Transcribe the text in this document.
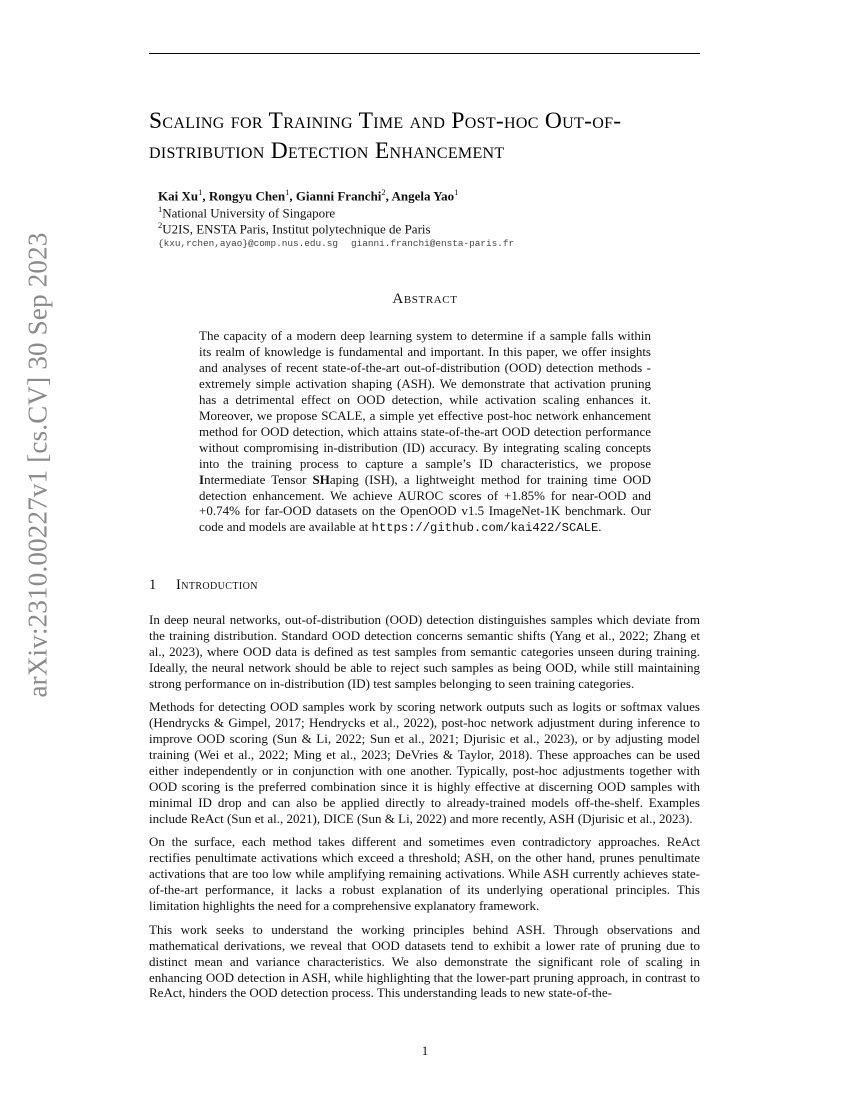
arXiv:2310.00227v1 [cs.CV] 30 Sep 2023
Scaling for Training Time and Post-hoc Out-of-
distribution Detection Enhancement
Kai Xu$^1$, Rongyu Chen$^1$, Gianni Franchi$^2$, Angela Yao$^1$
$^1$National University of Singapore
$^2$U2IS, ENSTA Paris, Institut polytechnique de Paris
{kxu,rchen,ayao}@comp.nus.edu.sg gianni.franchi@ensta-paris.fr
Abstract
The capacity of a modern deep learning system to determine if a sample falls within its realm of knowledge is fundamental and important. In this paper, we offer insights and analyses of recent state-of-the-art out-of-distribution (OOD) detection methods - extremely simple activation shaping (ASH). We demonstrate that activation pruning has a detrimental effect on OOD detection, while activation scaling enhances it. Moreover, we propose SCALE, a simple yet effective post-hoc network enhancement method for OOD detection, which attains state-of-the-art OOD detection performance without compromising in-distribution (ID) accuracy. By integrating scaling concepts into the training process to capture a sample’s ID characteristics, we propose Intermediate Tensor SHaping (ISH), a lightweight method for training time OOD detection enhancement. We achieve AUROC scores of +1.85% for near-OOD and +0.74% for far-OOD datasets on the OpenOOD v1.5 ImageNet-1K benchmark. Our code and models are available at https://github.com/kai422/SCALE.
1 Introduction

In deep neural networks, out-of-distribution (OOD) detection distinguishes samples which deviate from the training distribution. Standard OOD detection concerns semantic shifts (Yang et al., 2022; Zhang et al., 2023), where OOD data is defined as test samples from semantic categories unseen during training. Ideally, the neural network should be able to reject such samples as being OOD, while still maintaining strong performance on in-distribution (ID) test samples belonging to seen training categories.

Methods for detecting OOD samples work by scoring network outputs such as logits or softmax values (Hendrycks & Gimpel, 2017; Hendrycks et al., 2022), post-hoc network adjustment during inference to improve OOD scoring (Sun & Li, 2022; Sun et al., 2021; Djurisic et al., 2023), or by adjusting model training (Wei et al., 2022; Ming et al., 2023; DeVries & Taylor, 2018). These approaches can be used either independently or in conjunction with one another. Typically, post-hoc adjustments together with OOD scoring is the preferred combination since it is highly effective at discerning OOD samples with minimal ID drop and can also be applied directly to already-trained models off-the-shelf. Examples include ReAct (Sun et al., 2021), DICE (Sun & Li, 2022) and more recently, ASH (Djurisic et al., 2023).

On the surface, each method takes different and sometimes even contradictory approaches. ReAct rectifies penultimate activations which exceed a threshold; ASH, on the other hand, prunes penultimate activations that are too low while amplifying remaining activations. While ASH currently achieves state-of-the-art performance, it lacks a robust explanation of its underlying operational principles. This limitation highlights the need for a comprehensive explanatory framework.

This work seeks to understand the working principles behind ASH. Through observations and mathematical derivations, we reveal that OOD datasets tend to exhibit a lower rate of pruning due to distinct mean and variance characteristics. We also demonstrate the significant role of scaling in enhancing OOD detection in ASH, while highlighting that the lower-part pruning approach, in contrast to ReAct, hinders the OOD detection process. This understanding leads to new state-of-the-

1
